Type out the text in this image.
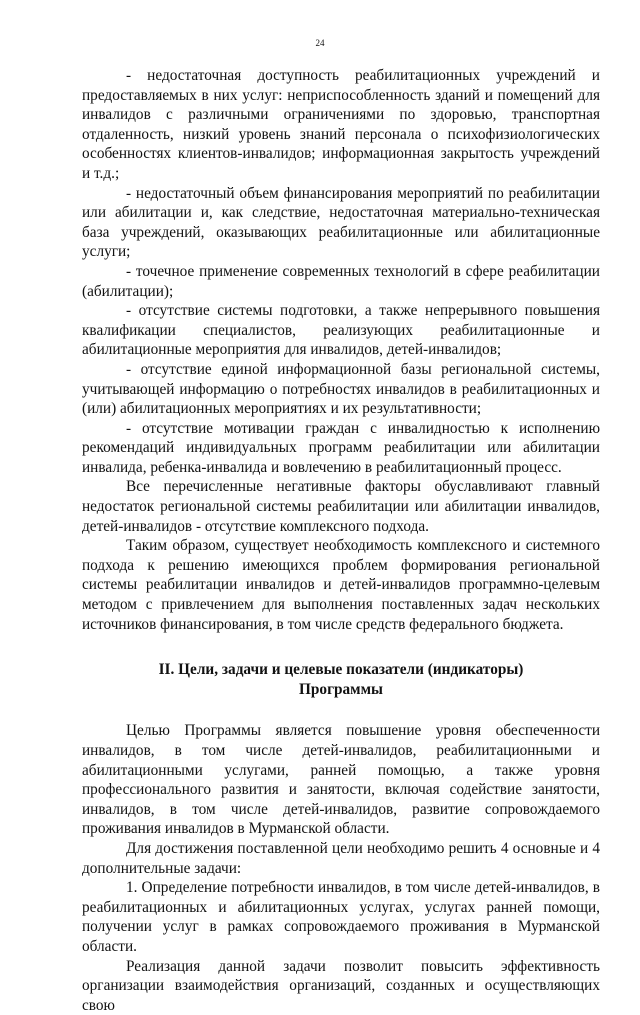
24

- недостаточная доступность реабилитационных учреждений и предоставляемых в них услуг: неприспособленность зданий и помещений для инвалидов с различными ограничениями по здоровью, транспортная отдаленность, низкий уровень знаний персонала о психофизиологических особенностях клиентов-инвалидов; информационная закрытость учреждений и т.д.;

- недостаточный объем финансирования мероприятий по реабилитации или абилитации и, как следствие, недостаточная материально-техническая база учреждений, оказывающих реабилитационные или абилитационные услуги;

- точечное применение современных технологий в сфере реабилитации (абилитации);

- отсутствие системы подготовки, а также непрерывного повышения квалификации специалистов, реализующих реабилитационные и абилитационные мероприятия для инвалидов, детей-инвалидов;

- отсутствие единой информационной базы региональной системы, учитывающей информацию о потребностях инвалидов в реабилитационных и (или) абилитационных мероприятиях и их результативности;

- отсутствие мотивации граждан с инвалидностью к исполнению рекомендаций индивидуальных программ реабилитации или абилитации инвалида, ребенка-инвалида и вовлечению в реабилитационный процесс.

Все перечисленные негативные факторы обуславливают главный недостаток региональной системы реабилитации или абилитации инвалидов, детей-инвалидов - отсутствие комплексного подхода.

Таким образом, существует необходимость комплексного и системного подхода к решению имеющихся проблем формирования региональной системы реабилитации инвалидов и детей-инвалидов программно-целевым методом с привлечением для выполнения поставленных задач нескольких источников финансирования, в том числе средств федерального бюджета.

II. Цели, задачи и целевые показатели (индикаторы)
Программы

Целью Программы является повышение уровня обеспеченности инвалидов, в том числе детей-инвалидов, реабилитационными и абилитационными услугами, ранней помощью, а также уровня профессионального развития и занятости, включая содействие занятости, инвалидов, в том числе детей-инвалидов, развитие сопровождаемого проживания инвалидов в Мурманской области.

Для достижения поставленной цели необходимо решить 4 основные и 4 дополнительные задачи:

1. Определение потребности инвалидов, в том числе детей-инвалидов, в реабилитационных и абилитационных услугах, услугах ранней помощи, получении услуг в рамках сопровождаемого проживания в Мурманской области.

Реализация данной задачи позволит повысить эффективность организации взаимодействия организаций, созданных и осуществляющих свою
